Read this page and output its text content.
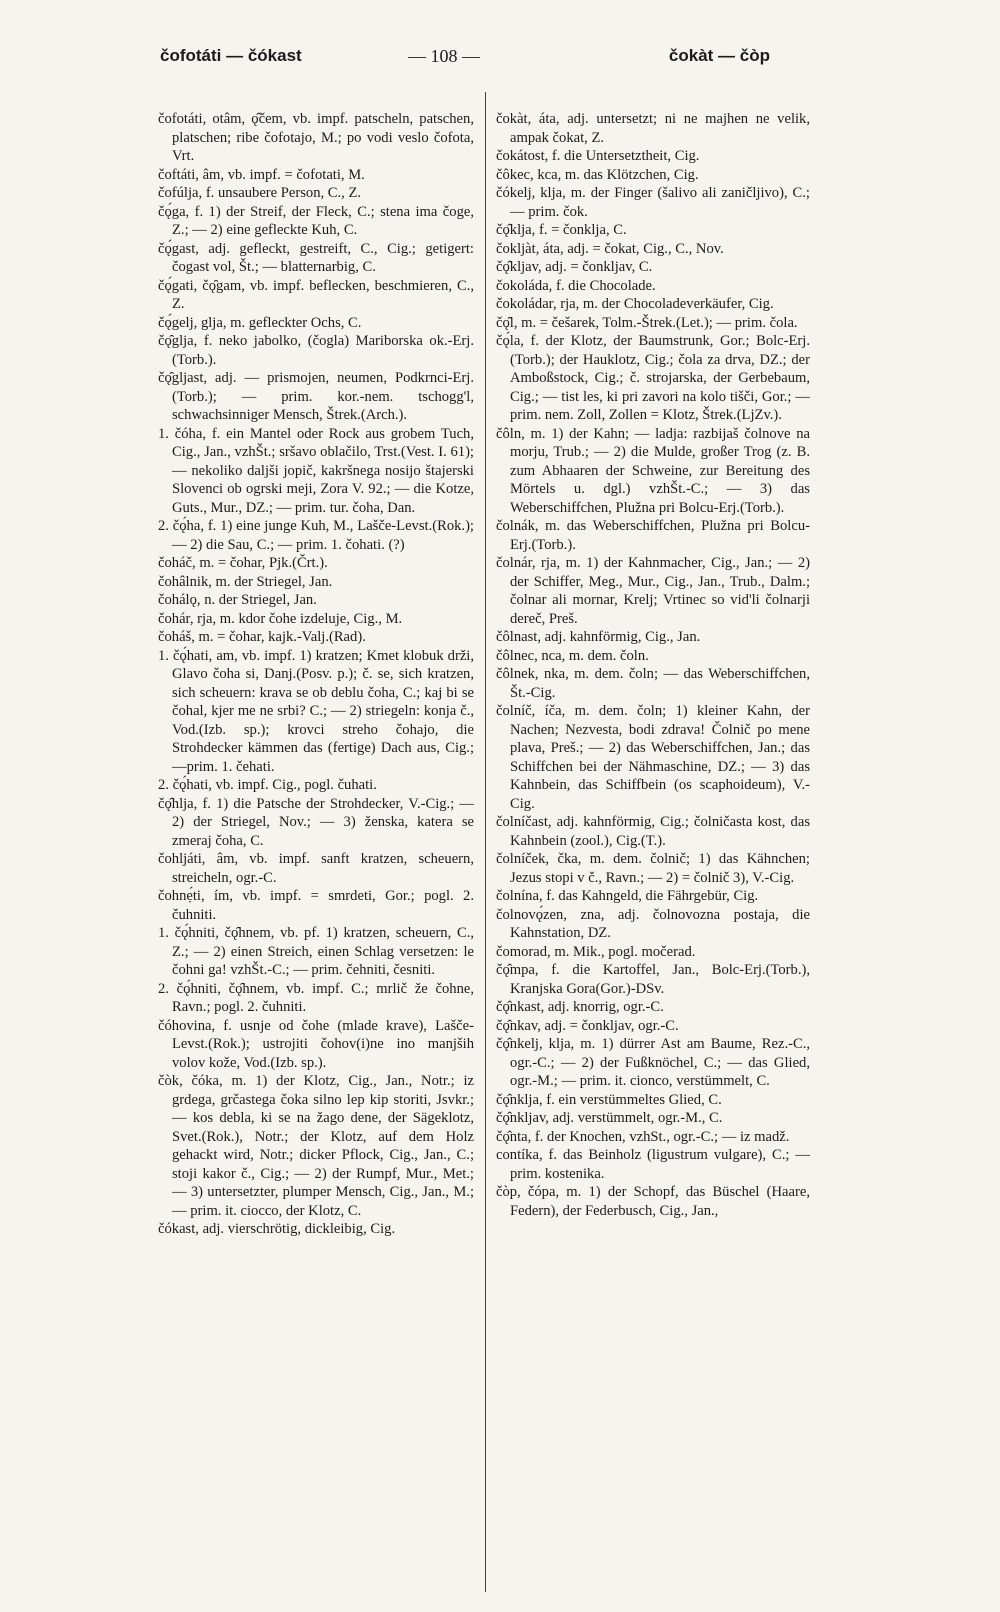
čofotáti — čókast	— 108 —	čokàt — čòp
čofotáti, otâm, ǫ̂čem, vb. impf. patscheln, patschen, platschen; ribe čofotajo, M.; po vodi veslo čofota, Vrt.
čoftáti, âm, vb. impf. = čofotati, M.
čofúlja, f. unsaubere Person, C., Z.
čǫ́ga, f. 1) der Streif, der Fleck, C.; stena ima čoge, Z.; — 2) eine gefleckte Kuh, C.
čǫ́gast, adj. gefleckt, gestreift, C., Cig.; getigert: čogast vol, Št.; — blatternarbig, C.
čǫ́gati, čǫ̑gam, vb. impf. beflecken, beschmieren, C., Z.
čǫ́gelj, glja, m. gefleckter Ochs, C.
čǫ̑glja, f. neko jabolko, (čogla) Mariborska ok.-Erj.(Torb.).
čǫ̑gljast, adj. — prismojen, neumen, Podkrnci-Erj.(Torb.); — prim. kor.-nem. tschogg'l, schwachsinniger Mensch, Štrek.(Arch.).
1. čóha, f. ein Mantel oder Rock aus grobem Tuch, Cig., Jan., vzhŠt.; sršavo oblačilo, Trst.(Vest. I. 61); — nekoliko daljši jopič, kakršnega nosijo štajerski Slovenci ob ogrski meji, Zora V. 92.; — die Kotze, Guts., Mur., DZ.; — prim. tur. čoha, Dan.
2. čǫ́ha, f. 1) eine junge Kuh, M., Lašče-Levst.(Rok.); — 2) die Sau, C.; — prim. 1. čohati. (?)
čoháč, m. = čohar, Pjk.(Črt.).
čohâlnik, m. der Striegel, Jan.
čohálǫ, n. der Striegel, Jan.
čohár, rja, m. kdor čohe izdeluje, Cig., M.
čoháš, m. = čohar, kajk.-Valj.(Rad).
1. čǫ́hati, am, vb. impf. 1) kratzen; Kmet klobuk drži, Glavo čoha si, Danj.(Posv. p.); č. se, sich kratzen, sich scheuern: krava se ob deblu čoha, C.; kaj bi se čohal, kjer me ne srbi? C.; — 2) striegeln: konja č., Vod.(Izb. sp.); krovci streho čohajo, die Strohdecker kämmen das (fertige) Dach aus, Cig.; —prim. 1. čehati.
2. čǫ́hati, vb. impf. Cig., pogl. čuhati.
čǫ̂hlja, f. 1) die Patsche der Strohdecker, V.-Cig.; — 2) der Striegel, Nov.; — 3) ženska, katera se zmeraj čoha, C.
čohljáti, âm, vb. impf. sanft kratzen, scheuern, streicheln, ogr.-C.
čohnẹ́ti, ím, vb. impf. = smrdeti, Gor.; pogl. 2. čuhniti.
1. čǫ́hniti, čǫ̑hnem, vb. pf. 1) kratzen, scheuern, C., Z.; — 2) einen Streich, einen Schlag versetzen: le čohni ga! vzhŠt.-C.; — prim. čehniti, česniti.
2. čǫ́hniti, čǫ̑hnem, vb. impf. C.; mrlič že čohne, Ravn.; pogl. 2. čuhniti.
čóhovina, f. usnje od čohe (mlade krave), Lašče-Levst.(Rok.); ustrojiti čohov(i)ne ino manjših volov kože, Vod.(Izb. sp.).
čòk, čóka, m. 1) der Klotz, Cig., Jan., Notr.; iz grdega, grčastega čoka silno lep kip storiti, Jsvkr.; — kos debla, ki se na žago dene, der Sägeklotz, Svet.(Rok.), Notr.; der Klotz, auf dem Holz gehackt wird, Notr.; dicker Pflock, Cig., Jan., C.; stoji kakor č., Cig.; — 2) der Rumpf, Mur., Met.; — 3) untersetzter, plumper Mensch, Cig., Jan., M.; — prim. it. ciocco, der Klotz, C.
čókast, adj. vierschrötig, dickleibig, Cig.
čokàt, áta, adj. untersetzt; ni ne majhen ne velik, ampak čokat, Z.
čokátost, f. die Untersetztheit, Cig.
čôkec, kca, m. das Klötzchen, Cig.
čókelj, klja, m. der Finger (šalivo ali zaničljivo), C.; — prim. čok.
čǫ̂klja, f. = čonklja, C.
čokljàt, áta, adj. = čokat, Cig., C., Nov.
čǫ̂kljav, adj. = čonkljav, C.
čokoláda, f. die Chocolade.
čokoládar, rja, m. der Chocoladeverkäufer, Cig.
čǫ̑l, m. = češarek, Tolm.-Štrek.(Let.); — prim. čola.
čǫ́la, f. der Klotz, der Baumstrunk, Gor.; Bolc-Erj.(Torb.); der Hauklotz, Cig.; čola za drva, DZ.; der Amboßstock, Cig.; č. strojarska, der Gerbebaum, Cig.; — tist les, ki pri zavori na kolo tišči, Gor.; — prim. nem. Zoll, Zollen = Klotz, Štrek.(LjZv.).
čôln, m. 1) der Kahn; — ladja: razbijaš čolnove na morju, Trub.; — 2) die Mulde, großer Trog (z. B. zum Abhaaren der Schweine, zur Bereitung des Mörtels u. dgl.) vzhŠt.-C.; — 3) das Weberschiffchen, Plužna pri Bolcu-Erj.(Torb.).
čolnák, m. das Weberschiffchen, Plužna pri Bolcu-Erj.(Torb.).
čolnár, rja, m. 1) der Kahnmacher, Cig., Jan.; — 2) der Schiffer, Meg., Mur., Cig., Jan., Trub., Dalm.; čolnar ali mornar, Krelj; Vrtinec so vid'li čolnarji dereč, Preš.
čôlnast, adj. kahnförmig, Cig., Jan.
čôlnec, nca, m. dem. čoln.
čôlnek, nka, m. dem. čoln; — das Weberschiffchen, Št.-Cig.
čolníč, íča, m. dem. čoln; 1) kleiner Kahn, der Nachen; Nezvesta, bodi zdrava! Čolnič po mene plava, Preš.; — 2) das Weberschiffchen, Jan.; das Schiffchen bei der Nähmaschine, DZ.; — 3) das Kahnbein, das Schiffbein (os scaphoideum), V.-Cig.
čolníčast, adj. kahnförmig, Cig.; čolničasta kost, das Kahnbein (zool.), Cig.(T.).
čolníček, čka, m. dem. čolnič; 1) das Kähnchen; Jezus stopi v č., Ravn.; — 2) = čolnič 3), V.-Cig.
čolnína, f. das Kahngeld, die Fährgebür, Cig.
čolnovǫ́zen, zna, adj. čolnovozna postaja, die Kahnstation, DZ.
čomorad, m. Mik., pogl. močerad.
čǫ̂mpa, f. die Kartoffel, Jan., Bolc-Erj.(Torb.), Kranjska Gora(Gor.)-DSv.
čǫ̂nkast, adj. knorrig, ogr.-C.
čǫ̂nkav, adj. = čonkljav, ogr.-C.
čǫ̂nkelj, klja, m. 1) dürrer Ast am Baume, Rez.-C., ogr.-C.; — 2) der Fußknöchel, C.; — das Glied, ogr.-M.; — prim. it. cionco, verstümmelt, C.
čǫ̂nklja, f. ein verstümmeltes Glied, C.
čǫ̂nkljav, adj. verstümmelt, ogr.-M., C.
čǫ̂nta, f. der Knochen, vzhSt., ogr.-C.; — iz madž.
contíka, f. das Beinholz (ligustrum vulgare), C.; — prim. kostenika.
čòp, čópa, m. 1) der Schopf, das Büschel (Haare, Federn), der Federbusch, Cig., Jan.,
